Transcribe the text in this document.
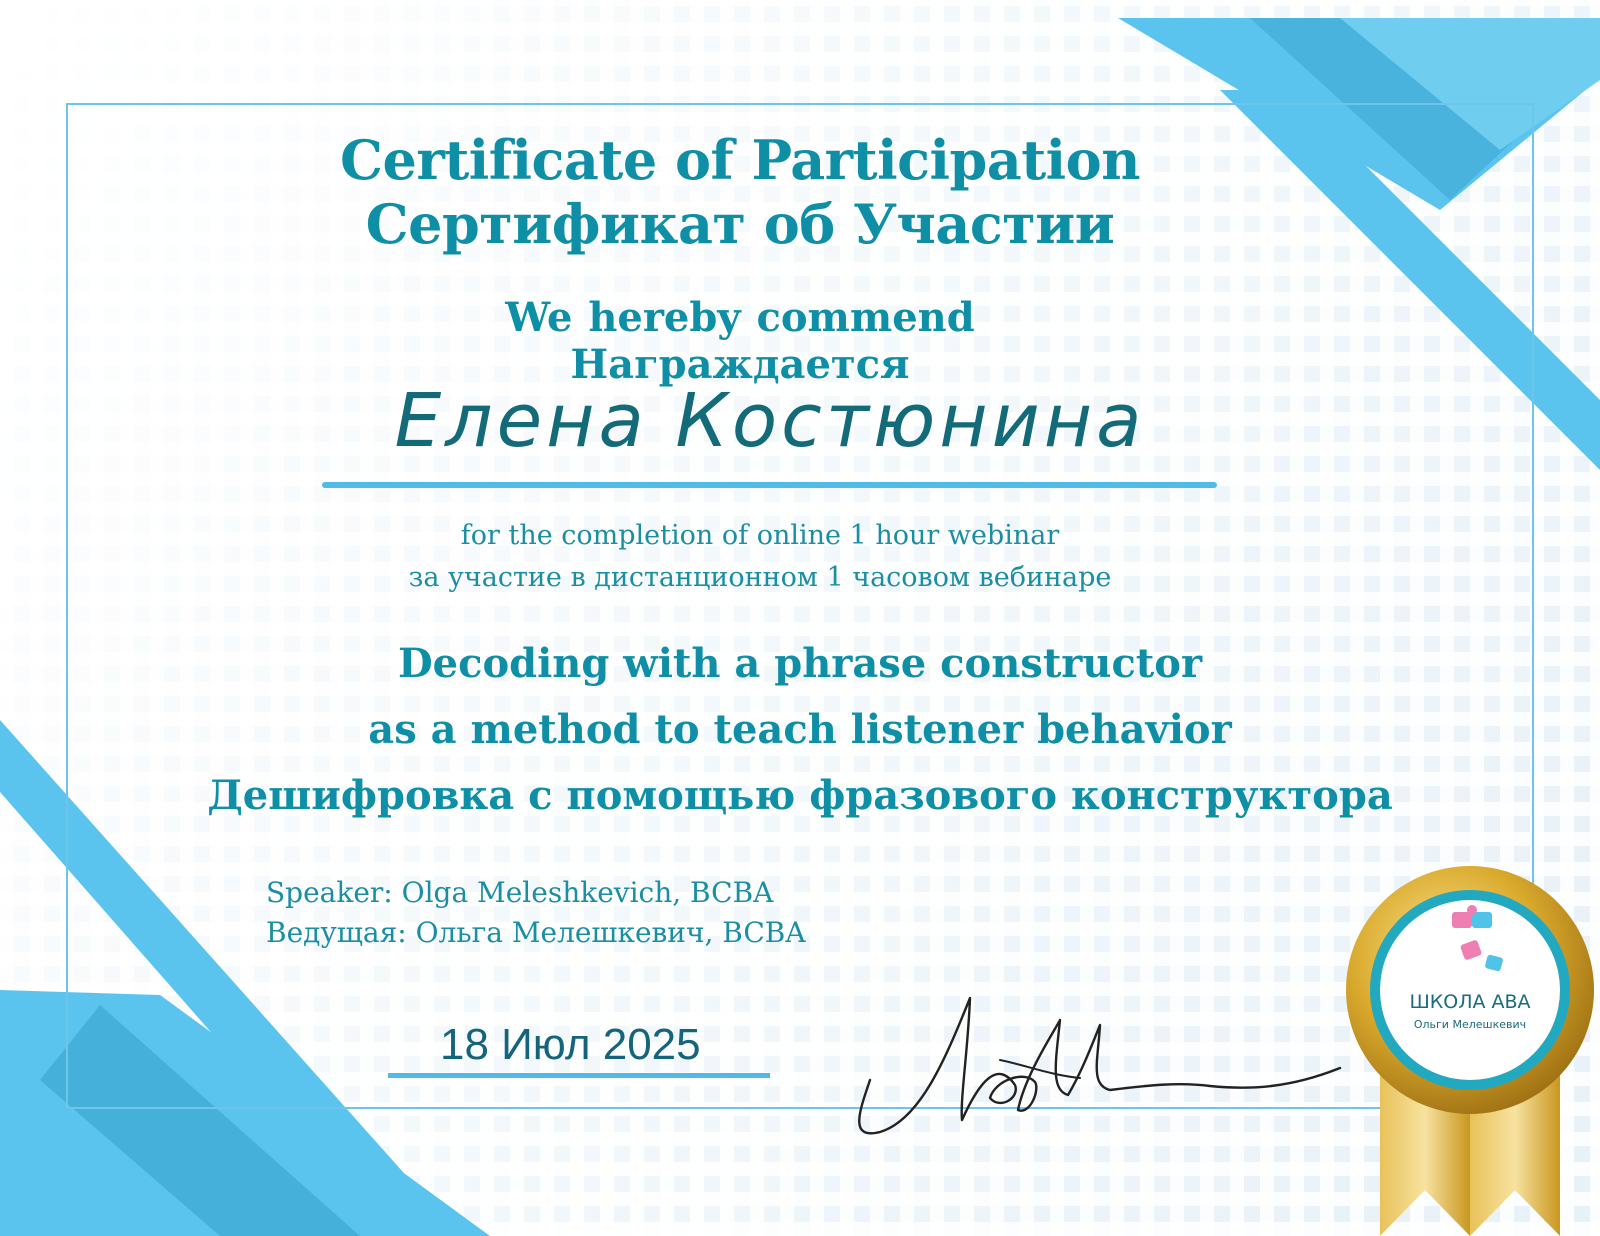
Certificate of Participation
Сертификат об Участии
We hereby commend Награждается
Елена Костюнина
for the completion of online 1 hour webinar
за участие в дистанционном 1 часовом вебинаре
Decoding with a phrase constructor
as a method to teach listener behavior
Дешифровка с помощью фразового конструктора
Speaker: Olga Meleshkevich, BCBA
Ведущая: Ольга Мелешкевич, BCBA
18 Июл 2025
ШКОЛА АВА
Ольги Мелешкевич
